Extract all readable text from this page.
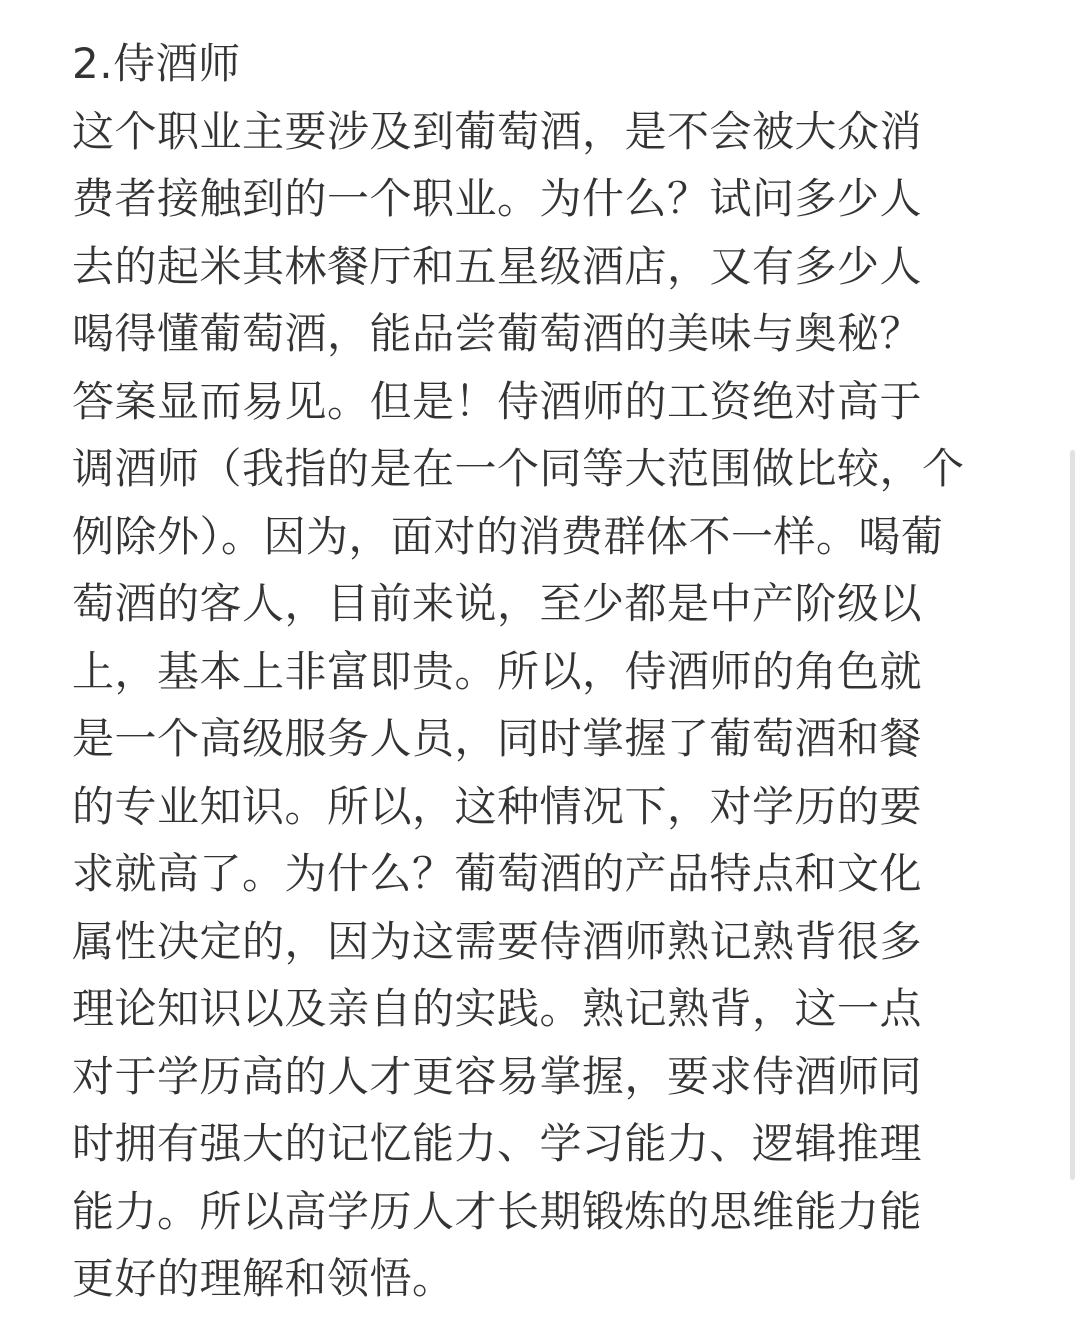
2.侍酒师
这个职业主要涉及到葡萄酒，是不会被大众消
费者接触到的一个职业。为什么？试问多少人
去的起米其林餐厅和五星级酒店，又有多少人
喝得懂葡萄酒，能品尝葡萄酒的美味与奥秘？
答案显而易见。但是！侍酒师的工资绝对高于
调酒师（我指的是在一个同等大范围做比较，个
例除外）。因为，面对的消费群体不一样。喝葡
萄酒的客人，目前来说，至少都是中产阶级以
上，基本上非富即贵。所以，侍酒师的角色就
是一个高级服务人员，同时掌握了葡萄酒和餐
的专业知识。所以，这种情况下，对学历的要
求就高了。为什么？葡萄酒的产品特点和文化
属性决定的，因为这需要侍酒师熟记熟背很多
理论知识以及亲自的实践。熟记熟背，这一点
对于学历高的人才更容易掌握，要求侍酒师同
时拥有强大的记忆能力、学习能力、逻辑推理
能力。所以高学历人才长期锻炼的思维能力能
更好的理解和领悟。
